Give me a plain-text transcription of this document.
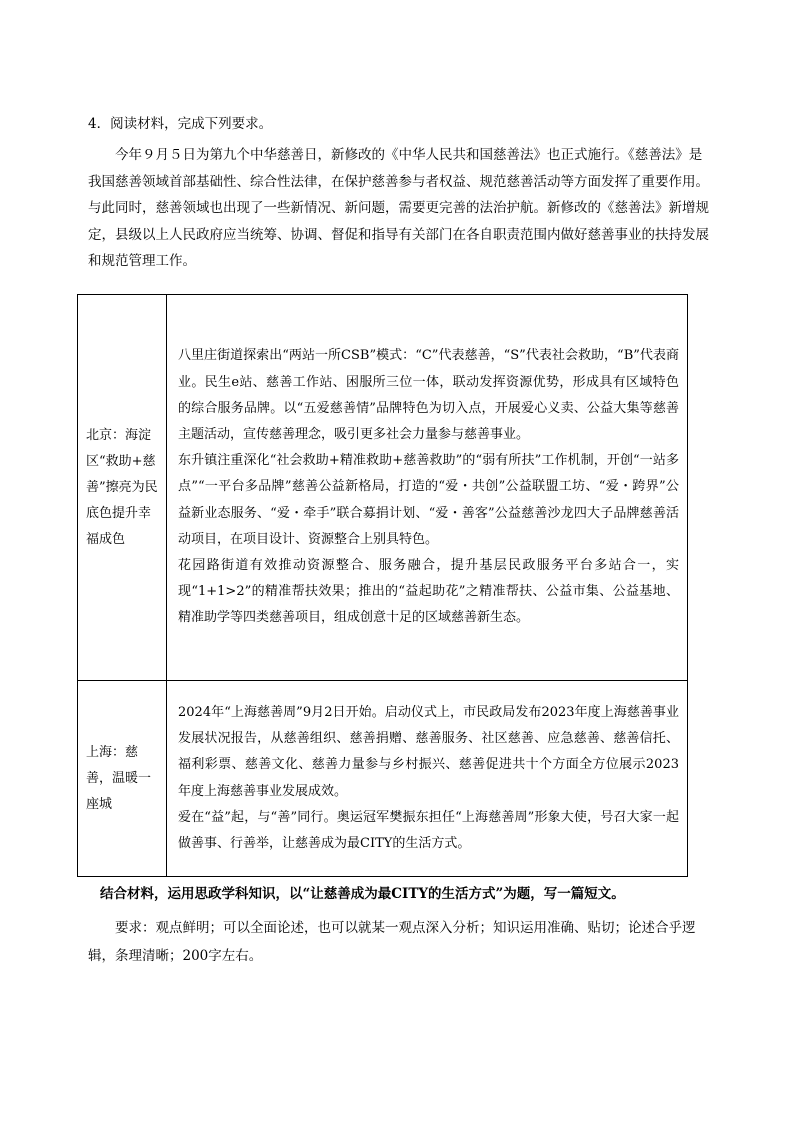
4．阅读材料，完成下列要求。
今年９月５日为第九个中华慈善日，新修改的《中华人民共和国慈善法》也正式施行。《慈善法》是我国慈善领域首部基础性、综合性法律，在保护慈善参与者权益、规范慈善活动等方面发挥了重要作用。与此同时，慈善领域也出现了一些新情况、新问题，需要更完善的法治护航。新修改的《慈善法》新增规定，县级以上人民政府应当统筹、协调、督促和指导有关部门在各自职责范围内做好慈善事业的扶持发展和规范管理工作。
北京：海淀区“救助+慈善”擦亮为民底色提升幸福成色	八里庄街道探索出“两站一所CSB”模式：“C”代表慈善，“S”代表社会救助，“B”代表商业。民生e站、慈善工作站、困服所三位一体，联动发挥资源优势，形成具有区域特色的综合服务品牌。以“五爱慈善情”品牌特色为切入点，开展爱心义卖、公益大集等慈善主题活动，宣传慈善理念，吸引更多社会力量参与慈善事业。

东升镇注重深化“社会救助+精准救助+慈善救助”的“弱有所扶”工作机制，开创“一站多点”“一平台多品牌”慈善公益新格局，打造的“爱・共创”公益联盟工坊、“爱・跨界”公益新业态服务、“爱・牵手”联合募捐计划、“爱・善客”公益慈善沙龙四大子品牌慈善活动项目，在项目设计、资源整合上别具特色。

花园路街道有效推动资源整合、服务融合，提升基层民政服务平台多站合一，实现“1+1>2”的精准帮扶效果；推出的“益起助花”之精准帮扶、公益市集、公益基地、精准助学等四类慈善项目，组成创意十足的区域慈善新生态。

上海：慈善，温暖一座城	2024年“上海慈善周”9月2日开始。启动仪式上，市民政局发布2023年度上海慈善事业发展状况报告，从慈善组织、慈善捐赠、慈善服务、社区慈善、应急慈善、慈善信托、福利彩票、慈善文化、慈善力量参与乡村振兴、慈善促进共十个方面全方位展示2023年度上海慈善事业发展成效。

爱在“益”起，与“善”同行。奥运冠军樊振东担任“上海慈善周”形象大使，号召大家一起做善事、行善举，让慈善成为最CITY的生活方式。

结合材料，运用思政学科知识，以“让慈善成为最CITY的生活方式”为题，写一篇短文。
要求：观点鲜明；可以全面论述，也可以就某一观点深入分析；知识运用准确、贴切；论述合乎逻辑，条理清晰；200字左右。
